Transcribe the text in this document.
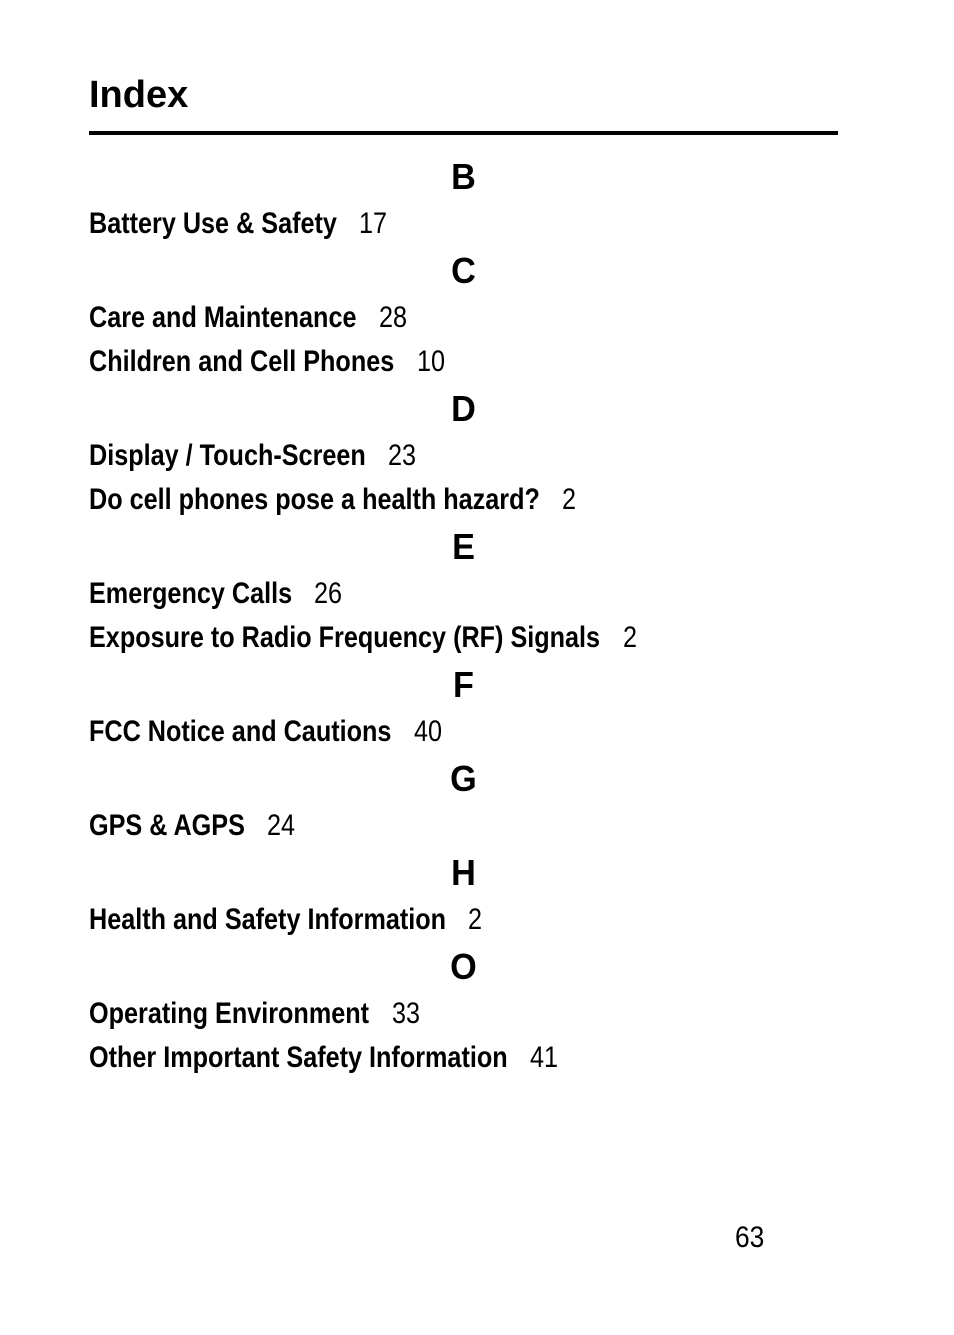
Index
B
Battery Use & Safety 17
C
Care and Maintenance 28
Children and Cell Phones 10
D
Display / Touch-Screen 23
Do cell phones pose a health hazard? 2
E
Emergency Calls 26
Exposure to Radio Frequency (RF) Signals 2
F
FCC Notice and Cautions 40
G
GPS & AGPS 24
H
Health and Safety Information 2
O
Operating Environment 33
Other Important Safety Information 41
63
